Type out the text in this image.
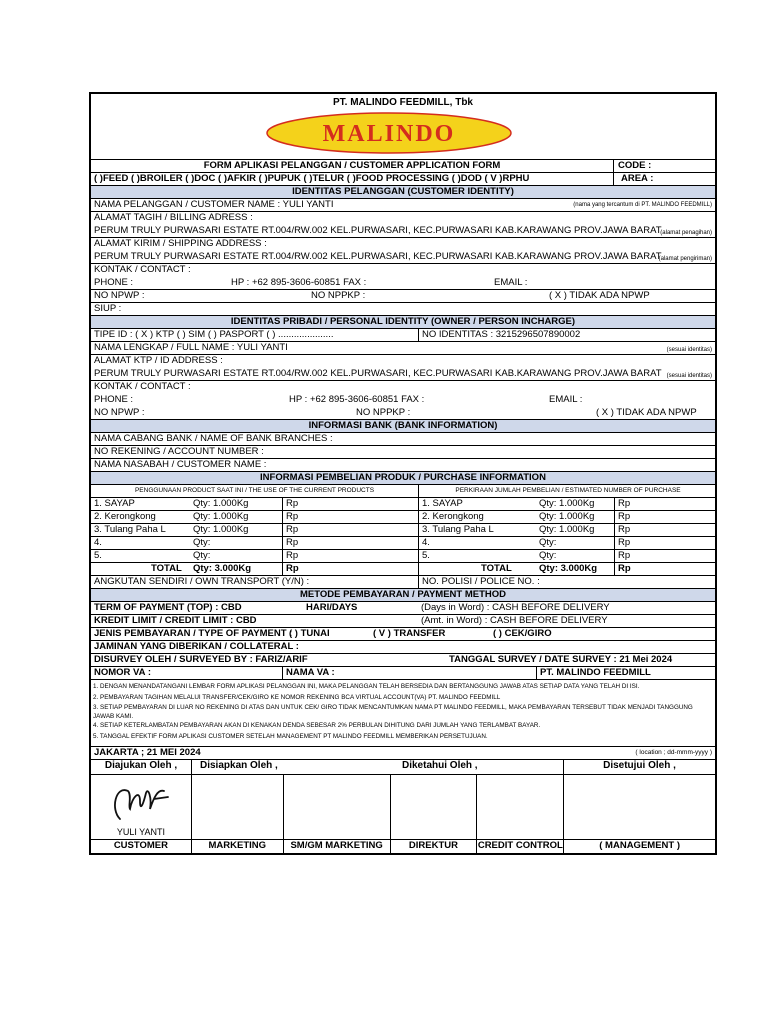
PT. MALINDO FEEDMILL, Tbk
MALINDO
FORM APLIKASI PELANGGAN / CUSTOMER APPLICATION FORM	CODE :
( )FEED ( )BROILER ( )DOC ( )AFKIR ( )PUPUK ( )TELUR ( )FOOD PROCESSING ( )DOD ( V )RPHU	AREA :
IDENTITAS PELANGGAN (CUSTOMER IDENTITY)
NAMA PELANGGAN / CUSTOMER NAME : YULI YANTI	(nama yang tercantum di PT. MALINDO FEEDMILL)
ALAMAT TAGIH / BILLING ADRESS :
PERUM TRULY PURWASARI ESTATE RT.004/RW.002 KEL.PURWASARI, KEC.PURWASARI KAB.KARAWANG PROV.JAWA BARAT
(alamat penagihan)
ALAMAT KIRIM / SHIPPING ADDRESS :
PERUM TRULY PURWASARI ESTATE RT.004/RW.002 KEL.PURWASARI, KEC.PURWASARI KAB.KARAWANG PROV.JAWA BARAT
(alamat pengiriman)
KONTAK / CONTACT :
PHONE :	HP : +62 895-3606-60851 FAX :	EMAIL :
NO NPWP :	NO NPPKP :	( X ) TIDAK ADA NPWP
SIUP :
IDENTITAS PRIBADI / PERSONAL IDENTITY (OWNER / PERSON INCHARGE)
TIPE ID : ( X ) KTP ( ) SIM ( ) PASPORT ( ) .....................	NO IDENTITAS : 3215296507890002
NAMA LENGKAP / FULL NAME : YULI YANTI	(sesuai identitas)
ALAMAT KTP / ID ADDRESS :
PERUM TRULY PURWASARI ESTATE RT.004/RW.002 KEL.PURWASARI, KEC.PURWASARI KAB.KARAWANG PROV.JAWA BARAT (sesuai identitas)
KONTAK / CONTACT :
PHONE :	HP : +62 895-3606-60851 FAX :	EMAIL :
NO NPWP :	NO NPPKP :	( X ) TIDAK ADA NPWP
INFORMASI BANK (BANK INFORMATION)
NAMA CABANG BANK / NAME OF BANK BRANCHES :
NO REKENING / ACCOUNT NUMBER :
NAMA NASABAH / CUSTOMER NAME :
INFORMASI PEMBELIAN PRODUK / PURCHASE INFORMATION
PENGGUNAAN PRODUCT SAAT INI / THE USE OF THE CURRENT PRODUCTS	PERKIRAAN JUMLAH PEMBELIAN / ESTIMATED NUMBER OF PURCHASE
1. SAYAP	Qty: 1.000Kg	Rp	1. SAYAP	Qty: 1.000Kg Rp
2. Kerongkong	Qty: 1.000Kg	Rp	2. Kerongkong	Qty: 1.000Kg Rp
3. Tulang Paha L	Qty: 1.000Kg	Rp	3. Tulang Paha L	Qty: 1.000Kg Rp
4.	Qty:	Rp	4.	Qty:	Rp
5.	Qty:	Rp	5.	Qty:	Rp
TOTAL Qty: 3.000Kg	Rp	TOTAL	Qty: 3.000Kg Rp
ANGKUTAN SENDIRI / OWN TRANSPORT (Y/N) :	NO. POLISI / POLICE NO. :
METODE PEMBAYARAN / PAYMENT METHOD
TERM OF PAYMENT (TOP) : CBD	HARI/DAYS	(Days in Word) : CASH BEFORE DELIVERY
KREDIT LIMIT / CREDIT LIMIT : CBD	(Amt. in Word) : CASH BEFORE DELIVERY
JENIS PEMBAYARAN / TYPE OF PAYMENT :
( ) TUNAI	( V ) TRANSFER	( ) CEK/GIRO
JAMINAN YANG DIBERIKAN / COLLATERAL :
DISURVEY OLEH / SURVEYED BY : FARIZ/ARIF	TANGGAL SURVEY / DATE SURVEY : 21 Mei 2024
NOMOR VA :	NAMA VA :	PT. MALINDO FEEDMILL
1. DENGAN MENANDATANGANI LEMBAR FORM APLIKASI PELANGGAN INI, MAKA PELANGGAN TELAH BERSEDIA DAN BERTANGGUNG JAWAB ATAS SETIAP DATA YANG TELAH DI ISI.
2. PEMBAYARAN TAGIHAN MELALUI TRANSFER/CEK/GIRO KE NOMOR REKENING BCA VIRTUAL ACCOUNT(VA) PT. MALINDO FEEDMILL
3. SETIAP PEMBAYARAN DI LUAR NO REKENING DI ATAS DAN UNTUK CEK/ GIRO TIDAK MENCANTUMKAN NAMA PT MALINDO FEEDMILL, MAKA PEMBAYARAN TERSEBUT TIDAK MENJADI TANGGUNG JAWAB KAMI.
4. SETIAP KETERLAMBATAN PEMBAYARAN AKAN DI KENAKAN DENDA SEBESAR 2% PERBULAN DIHITUNG DARI JUMLAH YANG TERLAMBAT BAYAR.
5. TANGGAL EFEKTIF FORM APLIKASI CUSTOMER SETELAH MANAGEMENT PT MALINDO FEEDMILL MEMBERIKAN PERSETUJUAN.
JAKARTA ; 21 MEI 2024	( location ; dd-mmm-yyyy )
Diajukan Oleh ,	Disiapkan Oleh ,	Diketahui Oleh ,	Disetujui Oleh ,
YULI YANTI
CUSTOMER	MARKETING	SM/GM MARKETING	DIREKTUR	CREDIT CONTROL	( MANAGEMENT )
